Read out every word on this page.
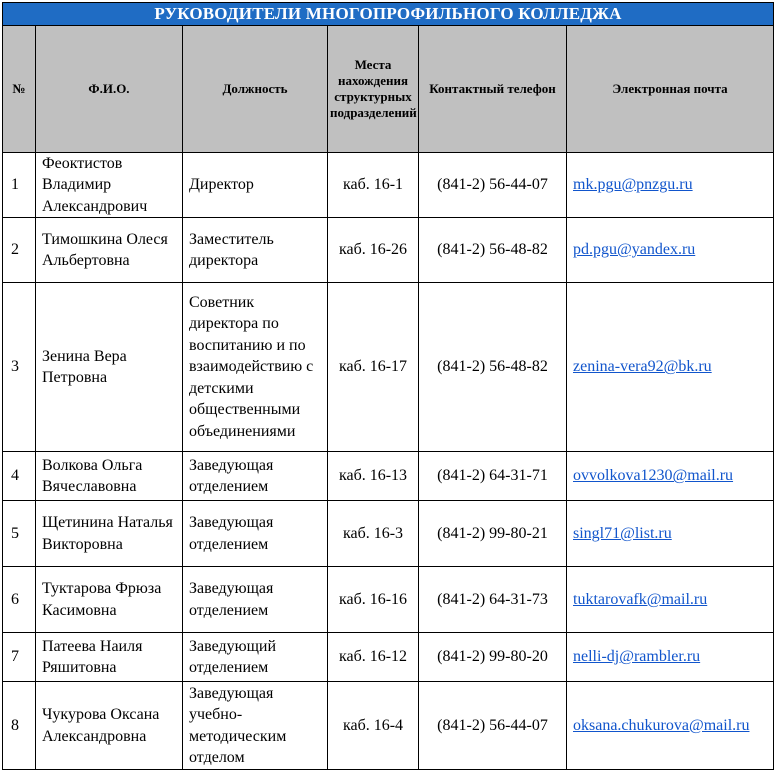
РУКОВОДИТЕЛИ МНОГОПРОФИЛЬНОГО КОЛЛЕДЖА					
№	Ф.И.О.	Должность	Места нахождения структурных подразделений	Контактный телефон	Электронная почта
1	Феоктистов Владимир Александрович	Директор	каб. 16-1	(841-2) 56-44-07	mk.pgu@pnzgu.ru
2	Тимошкина Олеся Альбертовна	Заместитель директора	каб. 16-26	(841-2) 56-48-82	pd.pgu@yandex.ru
3	Зенина Вера Петровна	Советник директора по воспитанию и по взаимодействию с детскими общественными объединениями	каб. 16-17	(841-2) 56-48-82	zenina-vera92@bk.ru
4	Волкова Ольга Вячеславовна	Заведующая отделением	каб. 16-13	(841-2) 64-31-71	ovvolkova1230@mail.ru
5	Щетинина Наталья Викторовна	Заведующая отделением	каб. 16-3	(841-2) 99-80-21	singl71@list.ru
6	Туктарова Фрюза Касимовна	Заведующая отделением	каб. 16-16	(841-2) 64-31-73	tuktarovafk@mail.ru
7	Патеева Наиля Ряшитовна	Заведующий отделением	каб. 16-12	(841-2) 99-80-20	nelli-dj@rambler.ru
8	Чукурова Оксана Александровна	Заведующая учебно-методическим отделом	каб. 16-4	(841-2) 56-44-07	oksana.chukurova@mail.ru
